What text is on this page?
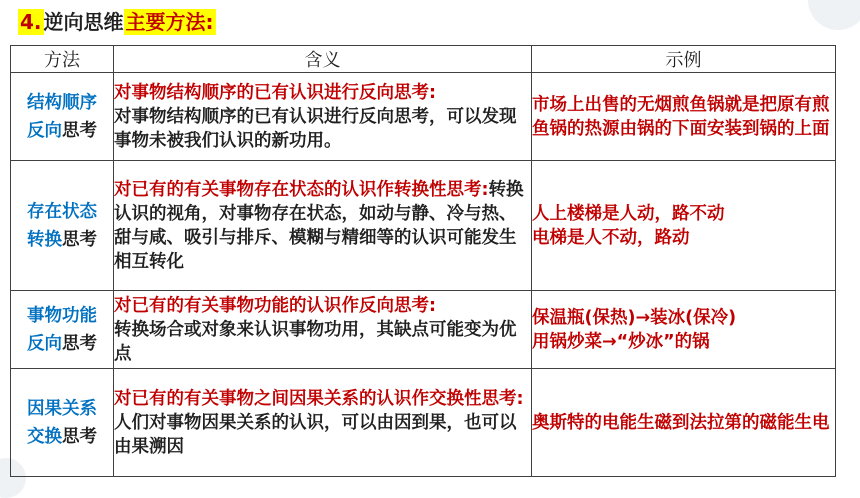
4. 逆向思维 主要方法:
方法	含义	示例
结构顺序
反向思考	对事物结构顺序的已有认识进行反向思考:
对事物结构顺序的已有认识进行反向思考，可以发现事物未被我们认识的新功用。	市场上出售的无烟煎鱼锅就是把原有煎鱼锅的热源由锅的下面安装到锅的上面

存在状态
转换思考	对已有的有关事物存在状态的认识作转换性思考:转换认识的视角，对事物存在状态，如动与静、冷与热、甜与咸、吸引与排斥、模糊与精细等的认识可能发生相互转化	人上楼梯是人动，路不动
电梯是人不动，路动

事物功能
反向思考	对已有的有关事物功能的认识作反向思考:
转换场合或对象来认识事物功用，其缺点可能变为优点	保温瓶(保热)→装冰(保冷)
用锅炒菜→“炒冰”的锅

因果关系
交换思考	对已有的有关事物之间因果关系的认识作交换性思考:人们对事物因果关系的认识，可以由因到果，也可以由果溯因	奥斯特的电能生磁到法拉第的磁能生电
